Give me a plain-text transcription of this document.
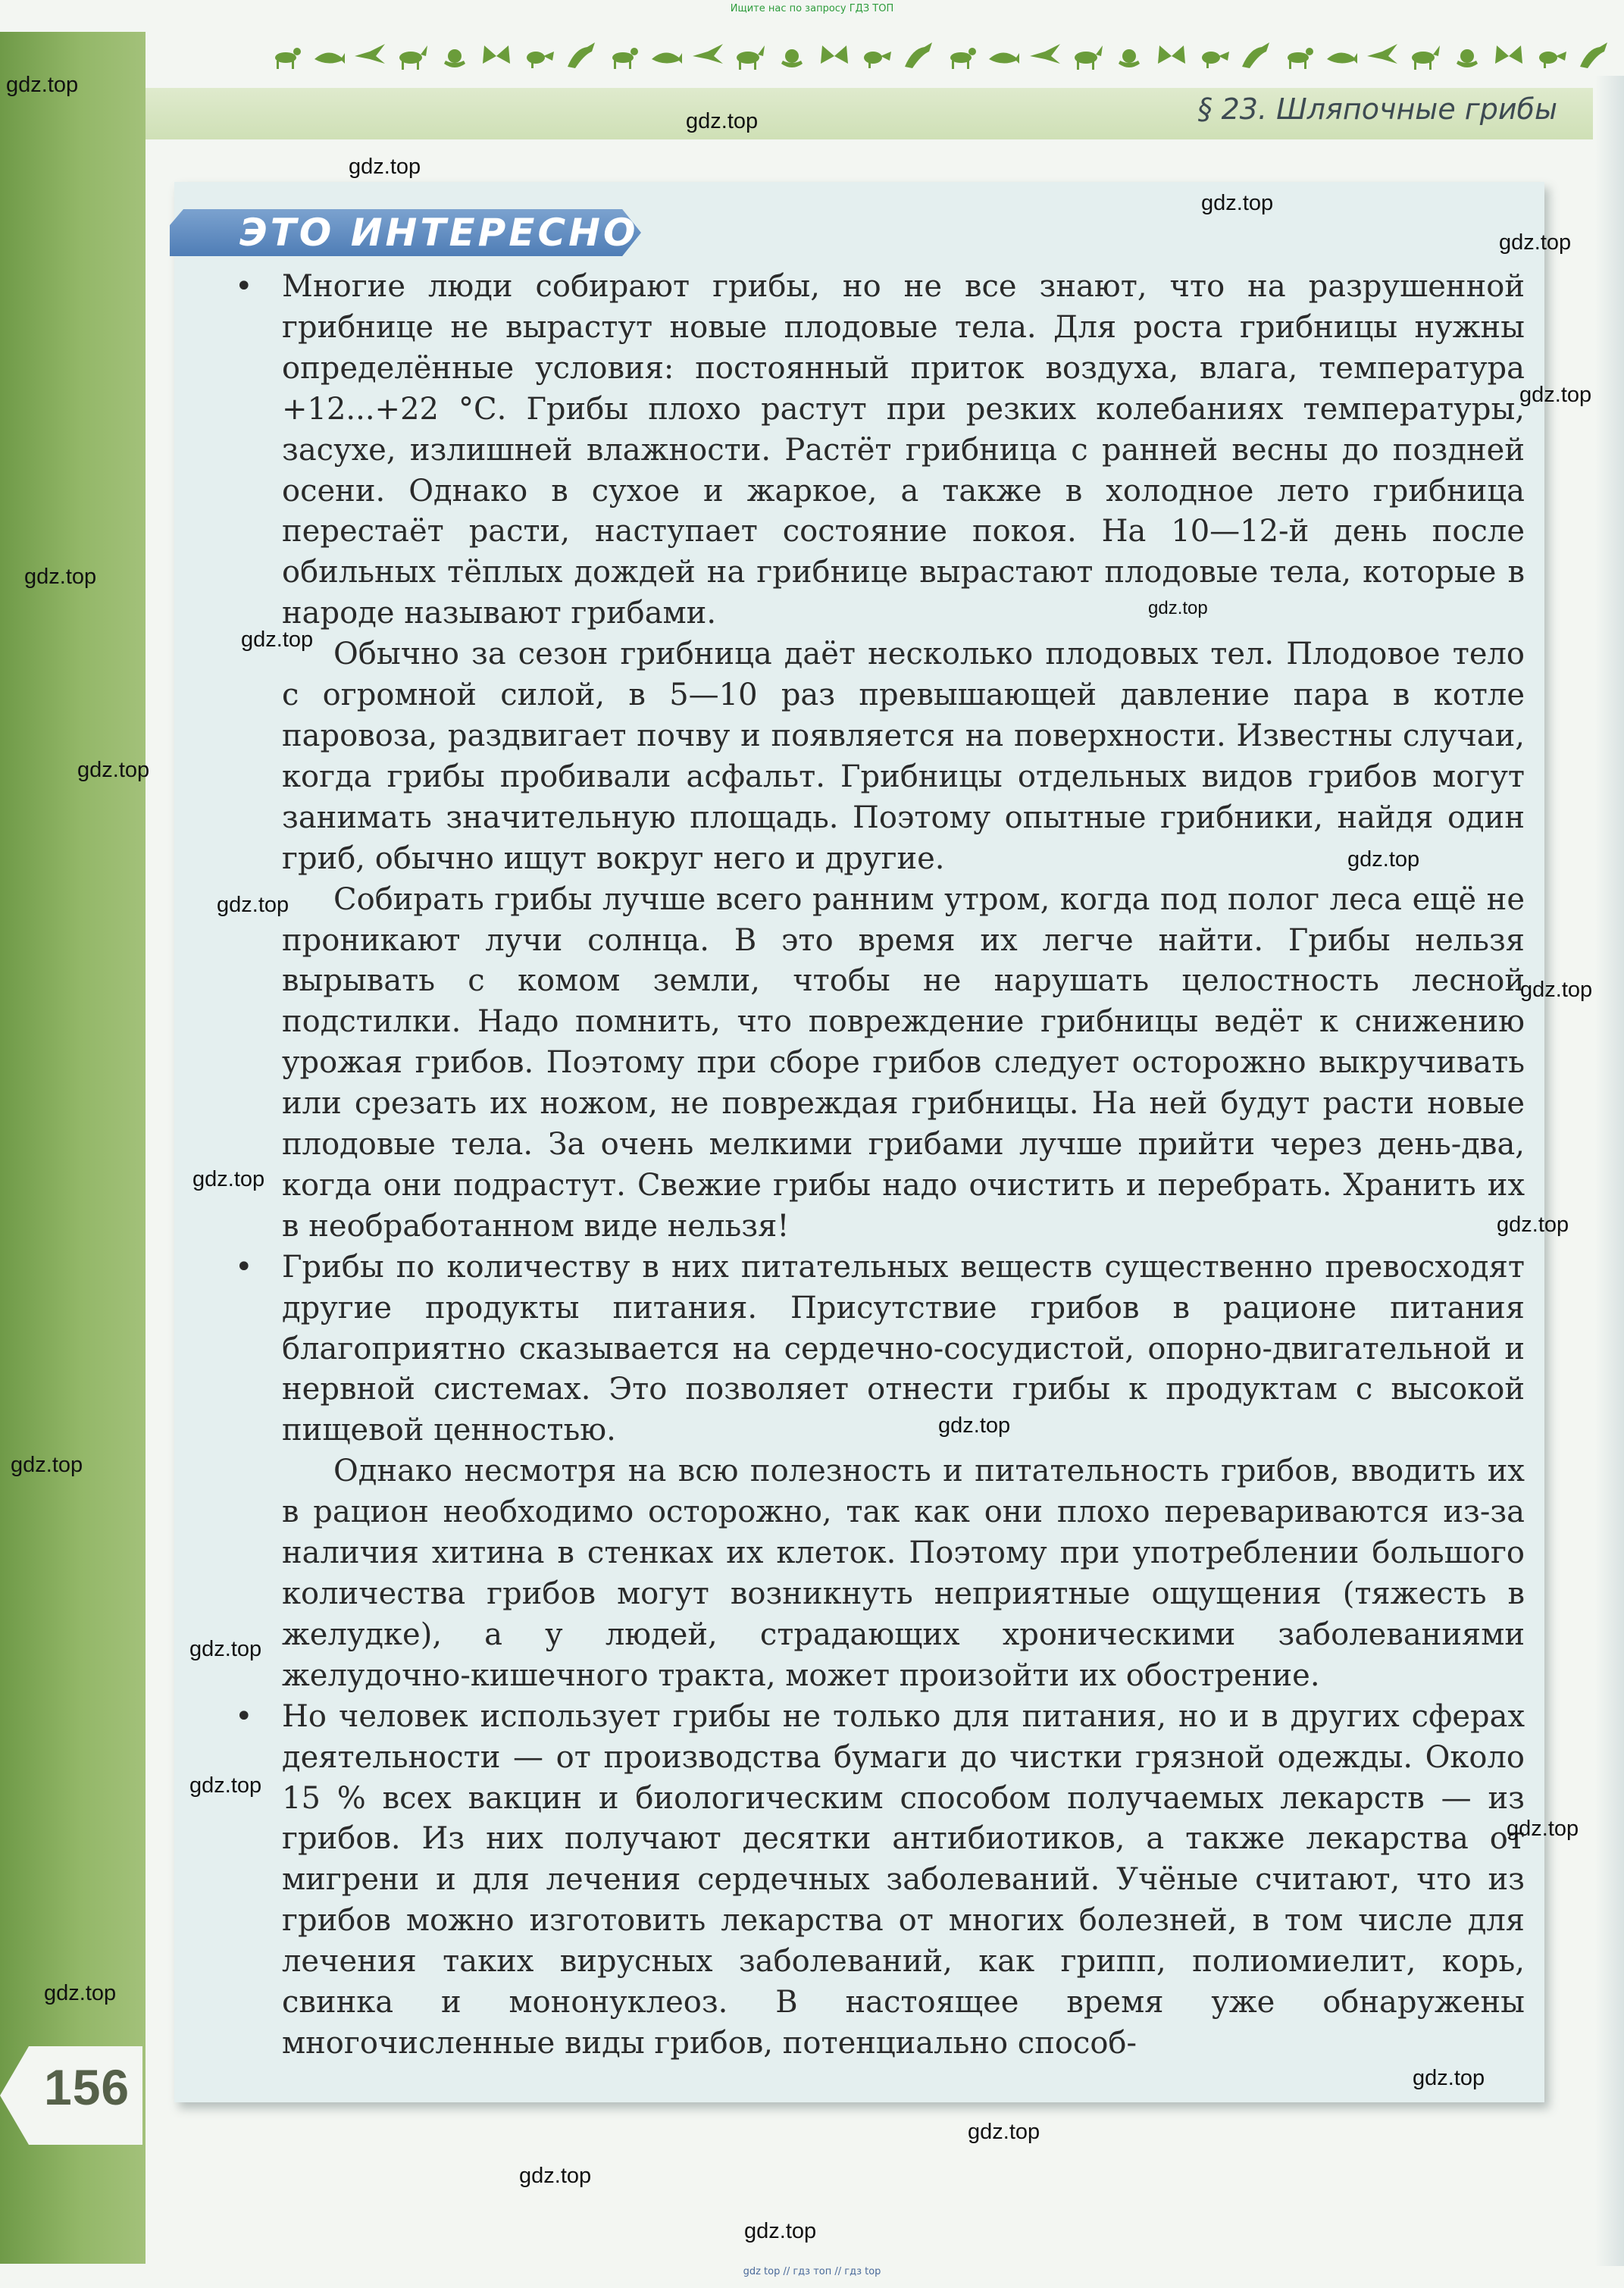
Ищите нас по запросу ГДЗ ТОП
156
§ 23. Шляпочные грибы
ЭТО ИНТЕРЕСНО

• Многие люди собирают грибы, но не все знают, что на разрушенной грибнице не вырастут новые плодовые тела. Для роста грибницы нужны определённые условия: постоянный приток воздуха, влага, температура +12...+22 °С. Грибы плохо растут при резких колебаниях температуры, засухе, излишней влажности. Растёт грибница с ранней весны до поздней осени. Однако в сухое и жаркое, а также в холодное лето грибница перестаёт расти, наступает состояние покоя. На 10—12-й день после обильных тёплых дождей на грибнице вырастают плодовые тела, которые в народе называют грибами.

Обычно за сезон грибница даёт несколько плодовых тел. Плодовое тело с огромной силой, в 5—10 раз превышающей давление пара в котле паровоза, раздвигает почву и появляется на поверхности. Известны случаи, когда грибы пробивали асфальт. Грибницы отдельных видов грибов могут занимать значительную площадь. Поэтому опытные грибники, найдя один гриб, обычно ищут вокруг него и другие.

Собирать грибы лучше всего ранним утром, когда под полог леса ещё не проникают лучи солнца. В это время их легче найти. Грибы нельзя вырывать с комом земли, чтобы не нарушать целостность лесной подстилки. Надо помнить, что повреждение грибницы ведёт к снижению урожая грибов. Поэтому при сборе грибов следует осторожно выкручивать или срезать их ножом, не повреждая грибницы. На ней будут расти новые плодовые тела. За очень мелкими грибами лучше прийти через день-два, когда они подрастут. Свежие грибы надо очистить и перебрать. Хранить их в необработанном виде нельзя!

• Грибы по количеству в них питательных веществ существенно превосходят другие продукты питания. Присутствие грибов в рационе питания благоприятно сказывается на сердечно-сосудистой, опорно-двигательной и нервной системах. Это позволяет отнести грибы к продуктам с высокой пищевой ценностью.

Однако несмотря на всю полезность и питательность грибов, вводить их в рацион необходимо осторожно, так как они плохо перевариваются из-за наличия хитина в стенках их клеток. Поэтому при употреблении большого количества грибов могут возникнуть неприятные ощущения (тяжесть в желудке), а у людей, страдающих хроническими заболеваниями желудочно-кишечного тракта, может произойти их обострение.

• Но человек использует грибы не только для питания, но и в других сферах деятельности — от производства бумаги до чистки грязной одежды. Около 15 % всех вакцин и биологическим способом получаемых лекарств — из грибов. Из них получают десятки антибиотиков, а также лекарства от мигрени и для лечения сердечных заболеваний. Учёные считают, что из грибов можно изготовить лекарства от многих болезней, в том числе для лечения таких вирусных заболеваний, как грипп, полиомиелит, корь, свинка и мононуклеоз. В настоящее время уже обнаружены многочисленные виды грибов, потенциально способ-

gdz.top
gdz.top
gdz.top
gdz.top
gdz.top
gdz.top
gdz.top
gdz.top
gdz.top
gdz.top
gdz.top
gdz.top
gdz.top
gdz.top
gdz.top
gdz.top
gdz.top
gdz.top
gdz.top
gdz.top
gdz.top
gdz.top
gdz.top
gdz.top
gdz.top
gdz top // гдз топ // гдз top
